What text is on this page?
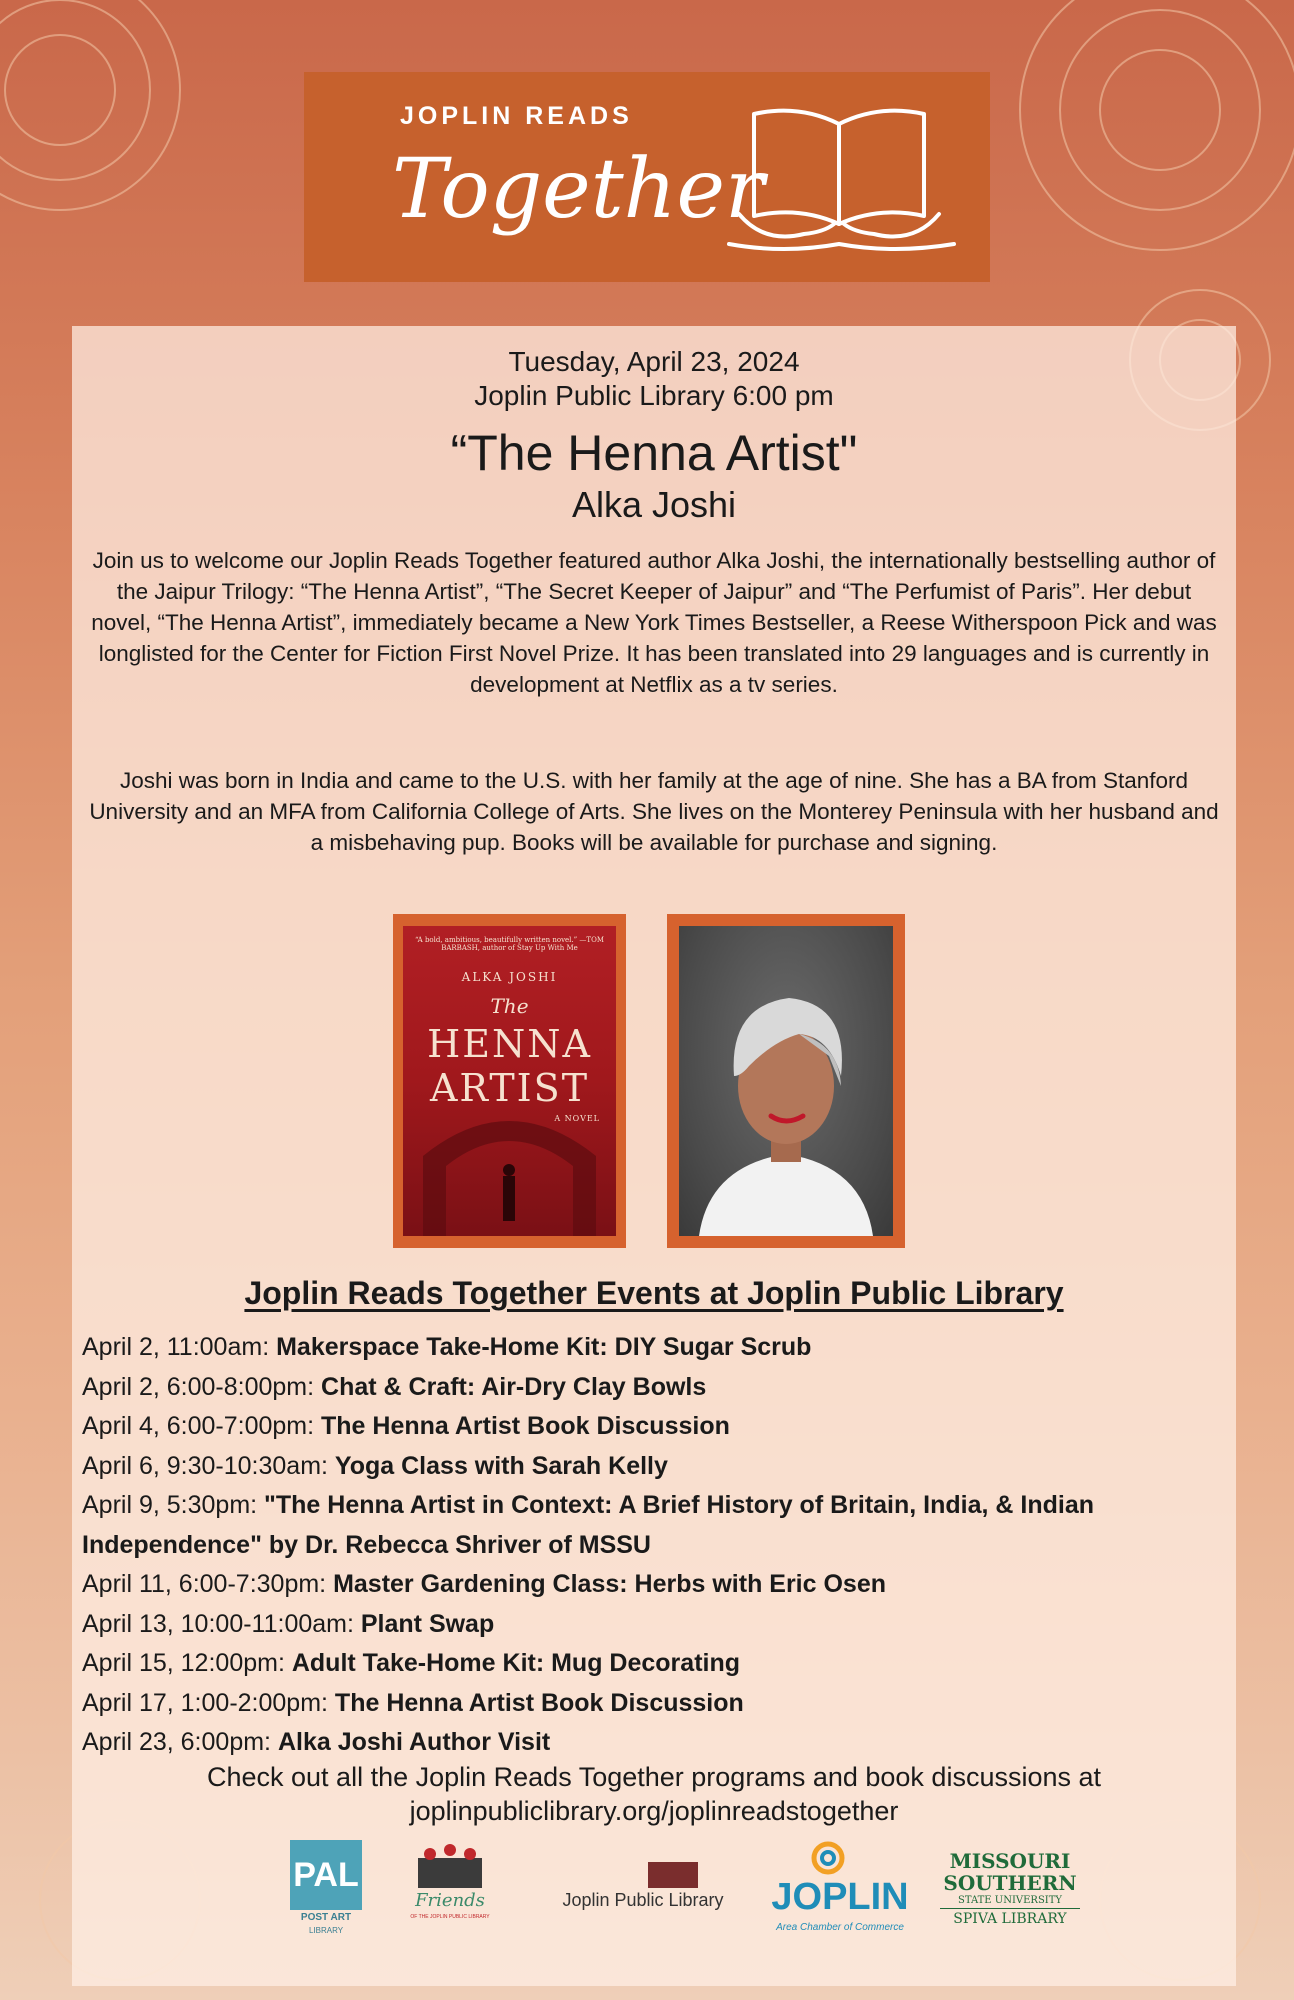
JOPLIN READS
Together
Tuesday, April 23, 2024
Joplin Public Library 6:00 pm
“The Henna Artist"
Alka Joshi
Join us to welcome our Joplin Reads Together featured author Alka Joshi, the internationally bestselling author of the Jaipur Trilogy: “The Henna Artist”, “The Secret Keeper of Jaipur” and “The Perfumist of Paris”. Her debut novel, “The Henna Artist”, immediately became a New York Times Bestseller, a Reese Witherspoon Pick and was longlisted for the Center for Fiction First Novel Prize. It has been translated into 29 languages and is currently in development at Netflix as a tv series.
Joshi was born in India and came to the U.S. with her family at the age of nine. She has a BA from Stanford University and an MFA from California College of Arts. She lives on the Monterey Peninsula with her husband and a misbehaving pup. Books will be available for purchase and signing.
“A bold, ambitious, beautifully written novel.” —TOM BARBASH, author of Stay Up With Me
ALKA JOSHI
The
HENNA
ARTIST
A NOVEL
Joplin Reads Together Events at Joplin Public Library
April 2, 11:00am: Makerspace Take-Home Kit: DIY Sugar Scrub
April 2, 6:00-8:00pm: Chat & Craft: Air-Dry Clay Bowls
April 4, 6:00-7:00pm: The Henna Artist Book Discussion
April 6, 9:30-10:30am: Yoga Class with Sarah Kelly
April 9, 5:30pm: "The Henna Artist in Context: A Brief History of Britain, India, & Indian Independence" by Dr. Rebecca Shriver of MSSU
April 11, 6:00-7:30pm: Master Gardening Class: Herbs with Eric Osen
April 13, 10:00-11:00am: Plant Swap
April 15, 12:00pm: Adult Take-Home Kit: Mug Decorating
April 17, 1:00-2:00pm: The Henna Artist Book Discussion
April 23, 6:00pm: Alka Joshi Author Visit
Check out all the Joplin Reads Together programs and book discussions at
joplinpubliclibrary.org/joplinreadstogether
PAL
POST ART
LIBRARY
Friends
OF THE JOPLIN PUBLIC LIBRARY
Joplin Public Library	JOPLIN
Area Chamber of Commerce
MISSOURI
SOUTHERN
STATE UNIVERSITY
SPIVA LIBRARY
